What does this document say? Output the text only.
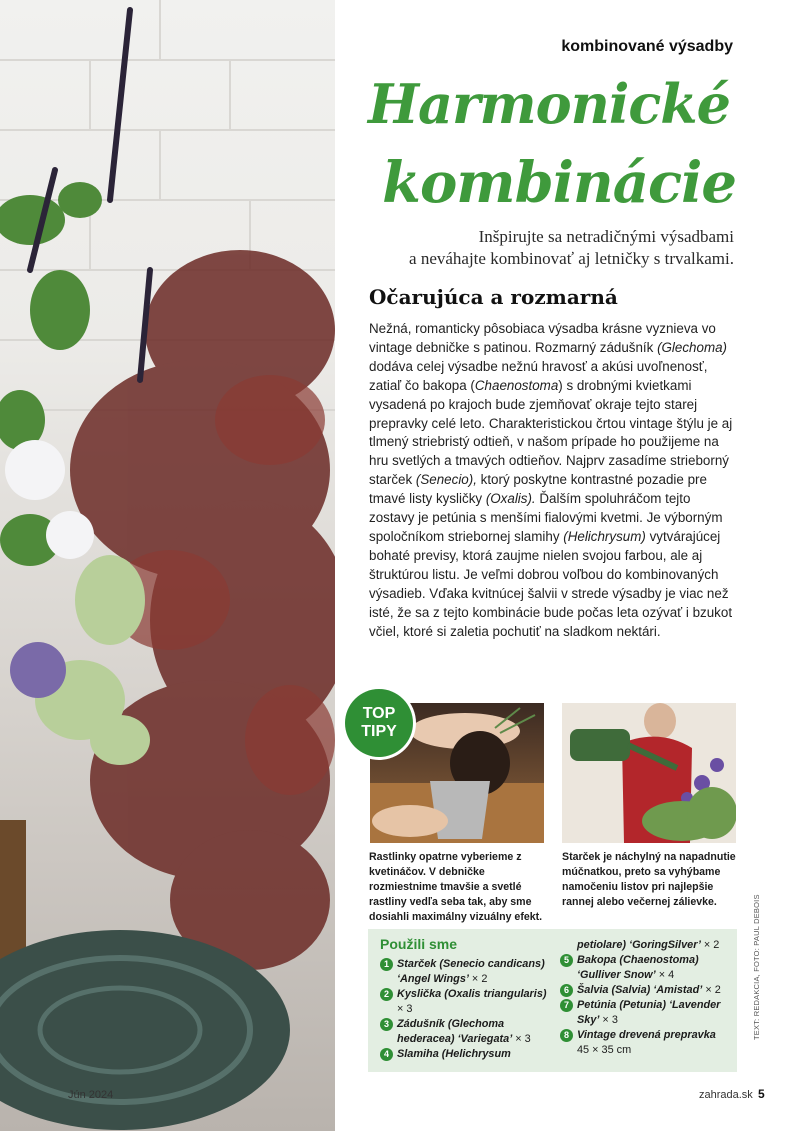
Jún 2024
kombinované výsadby
Harmonické
kombinácie
Inšpirujte sa netradičnými výsadbami
a neváhajte kombinovať aj letničky s trvalkami.
Očarujúca a rozmarná

Nežná, romanticky pôsobiaca výsadba krásne vyznieva vo vintage debničke s patinou. Rozmarný zádušník (Glechoma) dodáva celej výsadbe nežnú hravosť a akúsi uvoľnenosť, zatiaľ čo bakopa (Chaenostoma) s drobnými kvietkami vysadená po krajoch bude zjemňovať okraje tejto starej prepravky celé leto. Charakteristickou črtou vintage štýlu je aj tlmený striebristý odtieň, v našom prípade ho použijeme na hru svetlých a tmavých odtieňov. Najprv zasadíme strieborný starček (Senecio), ktorý poskytne kontrastné pozadie pre tmavé listy kysličky (Oxalis). Ďalším spoluhráčom tejto zostavy je petúnia s menšími fialovými kvetmi. Je výborným spoločníkom striebornej slamihy (Helichrysum) vytvárajúcej bohaté previsy, ktorá zaujme nielen svojou farbou, ale aj štruktúrou listu. Je veľmi dobrou voľbou do kombinovaných výsadieb. Vďaka kvitnúcej šalvii v strede výsadby je viac než isté, že sa z tejto kombinácie bude počas leta ozývať i bzukot včiel, ktoré si zaletia pochutiť na sladkom nektári.

TOP
TIPY
Rastlinky opatrne vyberieme z kvetináčov. V debničke rozmiestnime tmavšie a svetlé rastliny vedľa seba tak, aby sme dosiahli maximálny vizuálny efekt.
Starček je náchylný na napadnutie múčnatkou, preto sa vyhýbame namočeniu listov pri najlepšie rannej alebo večernej zálievke.
Použili sme
1 Starček (Senecio candicans) ‘Angel Wings’ × 2
2 Kyslička (Oxalis triangularis)
× 3
3 Zádušník (Glechoma hederacea) ‘Variegata’ × 3
4 Slamiha (Helichrysum
petiolare) ‘GoringSilver’ × 2
5 Bakopa (Chaenostoma) ‘Gulliver Snow’ × 4
6 Šalvia (Salvia) ‘Amistad’ × 2
7 Petúnia (Petunia) ‘Lavender Sky’ × 3
8 Vintage drevená prepravka
45 × 35 cm
TEXT: REDAKCIA, FOTO: PAUL DEBOIS
zahrada.sk 5
